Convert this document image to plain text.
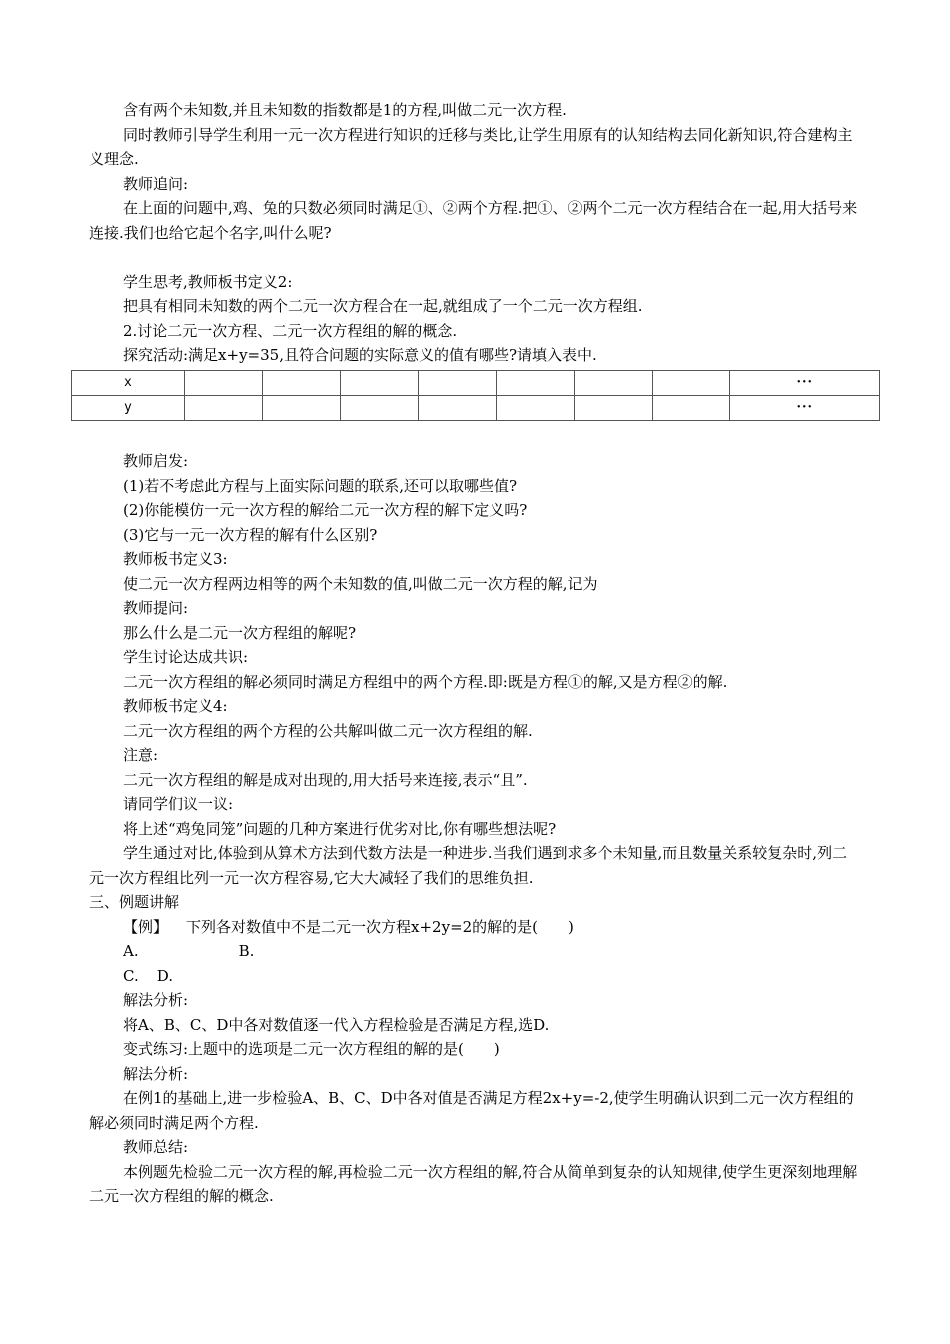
含有两个未知数,并且未知数的指数都是1的方程,叫做二元一次方程.

同时教师引导学生利用一元一次方程进行知识的迁移与类比,让学生用原有的认知结构去同化新知识,符合建构主义理念.

教师追问:

在上面的问题中,鸡、兔的只数必须同时满足①、②两个方程.把①、②两个二元一次方程结合在一起,用大括号来连接.我们也给它起个名字,叫什么呢?

学生思考,教师板书定义2:

把具有相同未知数的两个二元一次方程合在一起,就组成了一个二元一次方程组.

2.讨论二元一次方程、二元一次方程组的解的概念.

探究活动:满足x+y=35,且符合问题的实际意义的值有哪些?请填入表中.

x								···
y								···

教师启发:

(1)若不考虑此方程与上面实际问题的联系,还可以取哪些值?

(2)你能模仿一元一次方程的解给二元一次方程的解下定义吗?

(3)它与一元一次方程的解有什么区别?

教师板书定义3:

使二元一次方程两边相等的两个未知数的值,叫做二元一次方程的解,记为

教师提问:

那么什么是二元一次方程组的解呢?

学生讨论达成共识:

二元一次方程组的解必须同时满足方程组中的两个方程.即:既是方程①的解,又是方程②的解.

教师板书定义4:

二元一次方程组的两个方程的公共解叫做二元一次方程组的解.

注意:

二元一次方程组的解是成对出现的,用大括号来连接,表示“且”.

请同学们议一议:

将上述“鸡兔同笼”问题的几种方案进行优劣对比,你有哪些想法呢?

学生通过对比,体验到从算术方法到代数方法是一种进步.当我们遇到求多个未知量,而且数量关系较复杂时,列二元一次方程组比列一元一次方程容易,它大大减轻了我们的思维负担.

三、例题讲解

【例】 下列各对数值中不是二元一次方程x+2y=2的解的是(　　)

A.	B.

C. D.

解法分析:

将A、B、C、D中各对数值逐一代入方程检验是否满足方程,选D.

变式练习:上题中的选项是二元一次方程组的解的是(　　)

解法分析:

在例1的基础上,进一步检验A、B、C、D中各对值是否满足方程2x+y=-2,使学生明确认识到二元一次方程组的解必须同时满足两个方程.

教师总结:

本例题先检验二元一次方程的解,再检验二元一次方程组的解,符合从简单到复杂的认知规律,使学生更深刻地理解二元一次方程组的解的概念.
